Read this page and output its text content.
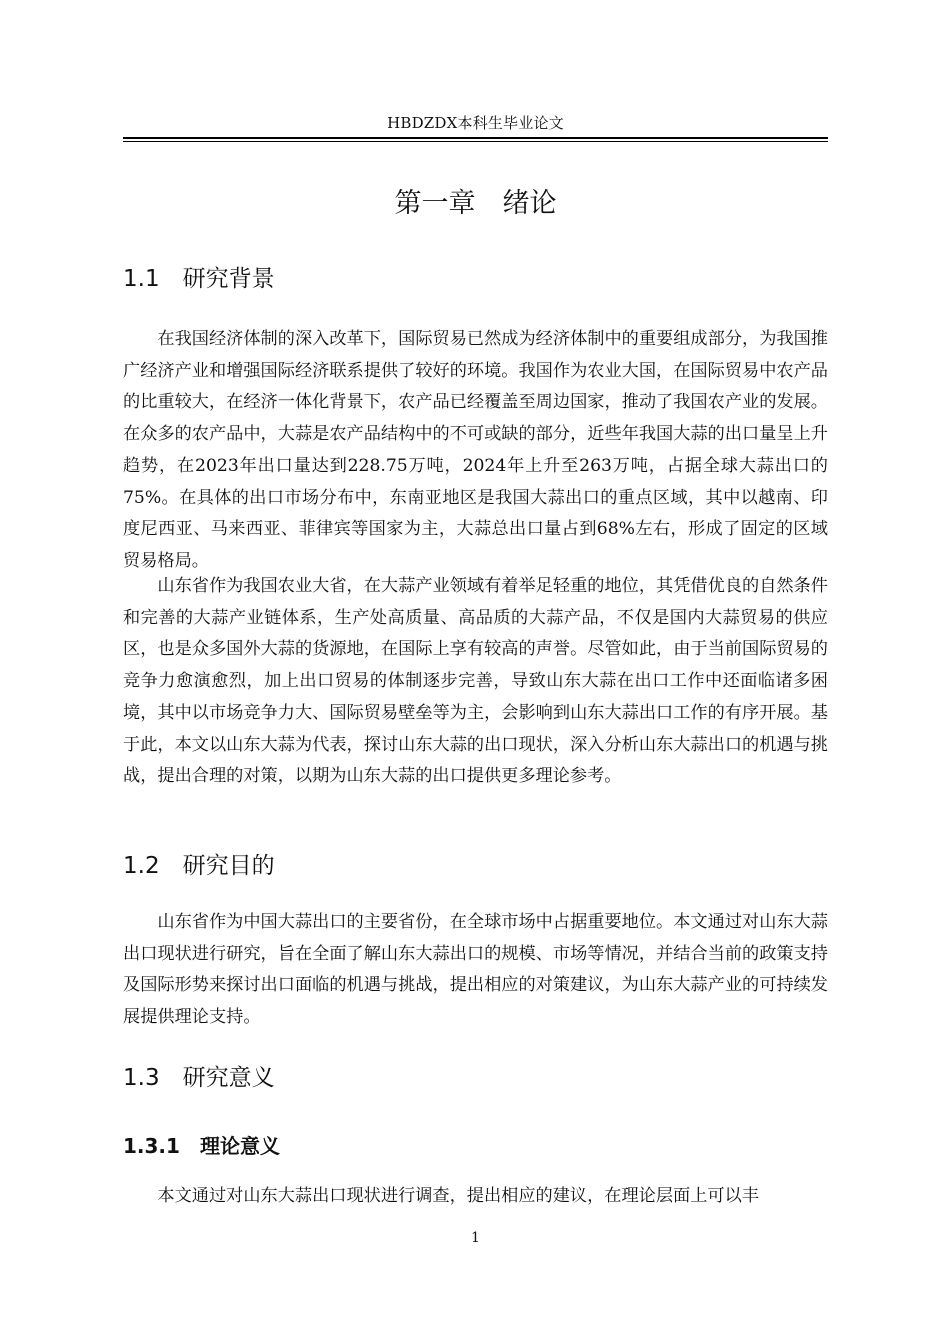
HBDZDX本科生毕业论文
第一章　绪论
1.1　研究背景

在我国经济体制的深入改革下，国际贸易已然成为经济体制中的重要组成部分，为我国推广经济产业和增强国际经济联系提供了较好的环境。我国作为农业大国，在国际贸易中农产品的比重较大，在经济一体化背景下，农产品已经覆盖至周边国家，推动了我国农产业的发展。在众多的农产品中，大蒜是农产品结构中的不可或缺的部分，近些年我国大蒜的出口量呈上升趋势，在2023年出口量达到228.75万吨，2024年上升至263万吨，占据全球大蒜出口的75%。在具体的出口市场分布中，东南亚地区是我国大蒜出口的重点区域，其中以越南、印度尼西亚、马来西亚、菲律宾等国家为主，大蒜总出口量占到68%左右，形成了固定的区域贸易格局。

山东省作为我国农业大省，在大蒜产业领域有着举足轻重的地位，其凭借优良的自然条件和完善的大蒜产业链体系，生产处高质量、高品质的大蒜产品，不仅是国内大蒜贸易的供应区，也是众多国外大蒜的货源地，在国际上享有较高的声誉。尽管如此，由于当前国际贸易的竞争力愈演愈烈，加上出口贸易的体制逐步完善，导致山东大蒜在出口工作中还面临诸多困境，其中以市场竞争力大、国际贸易壁垒等为主，会影响到山东大蒜出口工作的有序开展。基于此，本文以山东大蒜为代表，探讨山东大蒜的出口现状，深入分析山东大蒜出口的机遇与挑战，提出合理的对策，以期为山东大蒜的出口提供更多理论参考。

1.2　研究目的

山东省作为中国大蒜出口的主要省份，在全球市场中占据重要地位。本文通过对山东大蒜出口现状进行研究，旨在全面了解山东大蒜出口的规模、市场等情况，并结合当前的政策支持及国际形势来探讨出口面临的机遇与挑战，提出相应的对策建议，为山东大蒜产业的可持续发展提供理论支持。

1.3　研究意义
1.3.1　理论意义

本文通过对山东大蒜出口现状进行调查，提出相应的建议，在理论层面上可以丰

1
